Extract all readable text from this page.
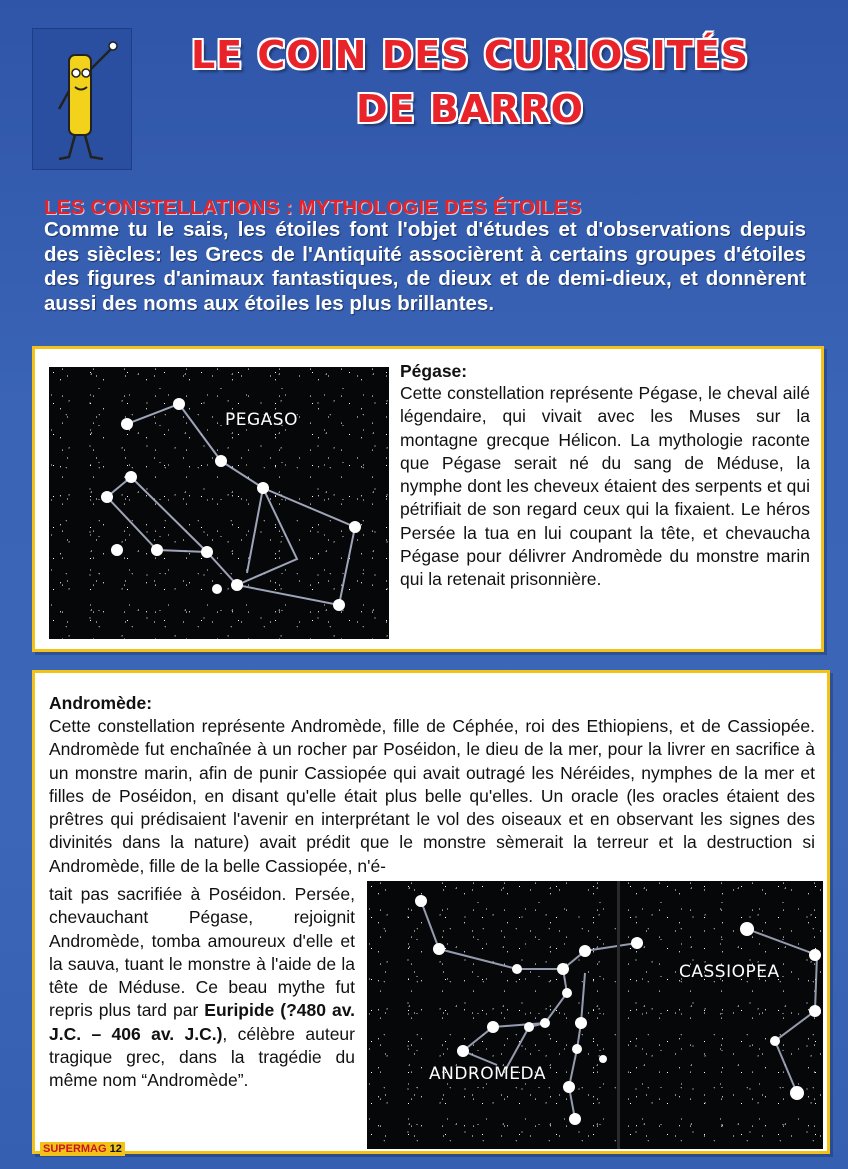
LE COIN DES CURIOSITÉS
DE BARRO
LES CONSTELLATIONS : MYTHOLOGIE DES ÉTOILES
Comme tu le sais, les étoiles font l'objet d'études et d'observations depuis des siècles: les Grecs de l'Antiquité associèrent à certains groupes d'étoiles des figures d'animaux fantastiques, de dieux et de demi-dieux, et donnèrent aussi des noms aux étoiles les plus brillantes.
PEGASO

Pégase:

Cette constellation représente Pégase, le cheval ailé légendaire, qui vivait avec les Muses sur la montagne grecque Hélicon. La mythologie raconte que Pégase serait né du sang de Méduse, la nymphe dont les cheveux étaient des serpents et qui pétrifiait de son regard ceux qui la fixaient. Le héros Persée la tua en lui coupant la tête, et chevaucha Pégase pour délivrer Andromède du monstre marin qui la retenait prisonnière.

Andromède:
Cette constellation représente Andromède, fille de Céphée, roi des Ethiopiens, et de Cassiopée. Andromède fut enchaînée à un rocher par Poséidon, le dieu de la mer, pour la livrer en sacrifice à un monstre marin, afin de punir Cassiopée qui avait outragé les Néréides, nymphes de la mer et filles de Poséidon, en disant qu'elle était plus belle qu'elles. Un oracle (les oracles étaient des prêtres qui prédisaient l'avenir en interprétant le vol des oiseaux et en observant les signes des divinités dans la nature) avait prédit que le monstre sèmerait la terreur et la destruction si Andromède, fille de la belle Cassiopée, n'é-

tait pas sacrifiée à Poséidon. Persée, chevauchant Pégase, rejoignit Andromède, tomba amoureux d'elle et la sauva, tuant le monstre à l'aide de la tête de Méduse. Ce beau mythe fut repris plus tard par Euripide (?480 av. J.C. – 406 av. J.C.), célèbre auteur tragique grec, dans la tragédie du même nom “Andromède”.	ANDROMEDA
CASSIOPEA
SUPERMAG 12
